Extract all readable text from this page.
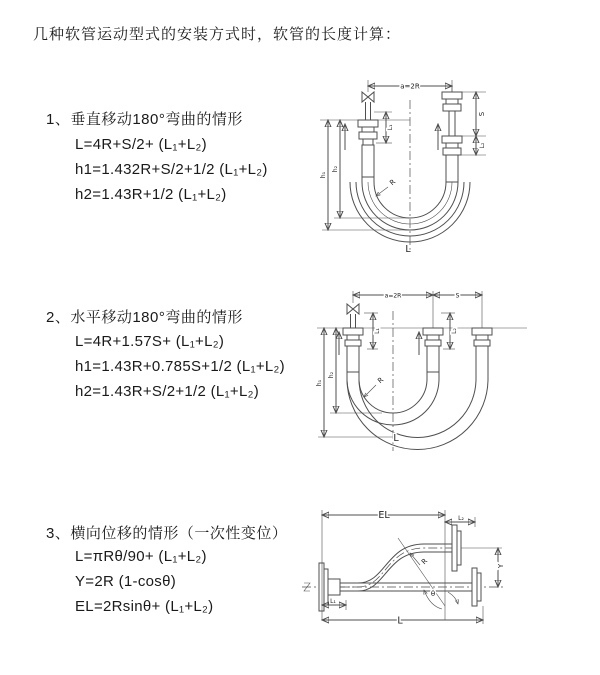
几种软管运动型式的安装方式时，软管的长度计算：
1、垂直移动180°弯曲的情形
L=4R+S/2+ (L₁+L₂)
h1=1.432R+S/2+1/2 (L₁+L₂)
h2=1.43R+1/2 (L₁+L₂)
2、水平移动180°弯曲的情形
L=4R+1.57S+ (L₁+L₂)
h1=1.43R+0.785S+1/2 (L₁+L₂)
h2=1.43R+S/2+1/2 (L₁+L₂)
3、横向位移的情形（一次性变位）
L=πRθ/90+ (L₁+L₂)
Y=2R (1-cosθ)
EL=2Rsinθ+ (L₁+L₂)
a=2R
S
L₂
L₁
h₁
h₂
R
L
a=2R	S
L₁	L₂
h₁
h₂
R
L
EL	L₂
Y
L
L₁
R
θ
